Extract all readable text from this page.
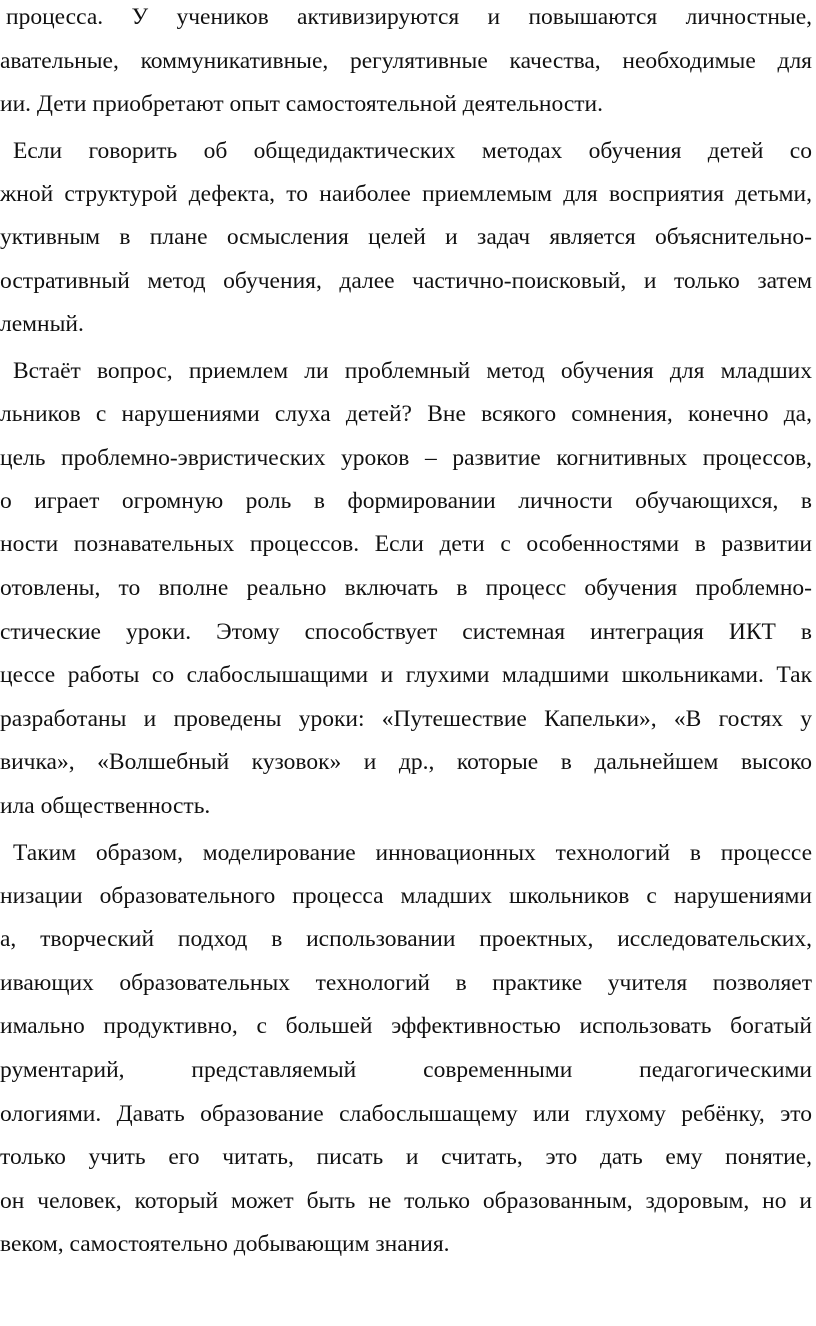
процесса. У учеников активизируются и повышаются личностные,
авательные, коммуникативные, регулятивные качества, необходимые для
ии. Дети приобретают опыт самостоятельной деятельности.
Если говорить об общедидактических методах обучения детей со
жной структурой дефекта, то наиболее приемлемым для восприятия детьми,
уктивным в плане осмысления целей и задач является объяснительно-
остративный метод обучения, далее частично-поисковый, и только затем
лемный.
Встаёт вопрос, приемлем ли проблемный метод обучения для младших
льников с нарушениями слуха детей? Вне всякого сомнения, конечно да,
цель проблемно-эвристических уроков – развитие когнитивных процессов,
о играет огромную роль в формировании личности обучающихся, в
ности познавательных процессов. Если дети с особенностями в развитии
отовлены, то вполне реально включать в процесс обучения проблемно-
стические уроки. Этому способствует системная интеграция ИКТ в
цессе работы со слабослышащими и глухими младшими школьниками. Так
разработаны и проведены уроки: «Путешествие Капельки», «В гостях у
вичка», «Волшебный кузовок» и др., которые в дальнейшем высоко
ила общественность.
Таким образом, моделирование инновационных технологий в процессе
низации образовательного процесса младших школьников с нарушениями
а, творческий подход в использовании проектных, исследовательских,
ивающих образовательных технологий в практике учителя позволяет
имально продуктивно, с большей эффективностью использовать богатый
рументарий, представляемый современными педагогическими
ологиями. Давать образование слабослышащему или глухому ребёнку, это
только учить его читать, писать и считать, это дать ему понятие,
он человек, который может быть не только образованным, здоровым, но и
веком, самостоятельно добывающим знания.
